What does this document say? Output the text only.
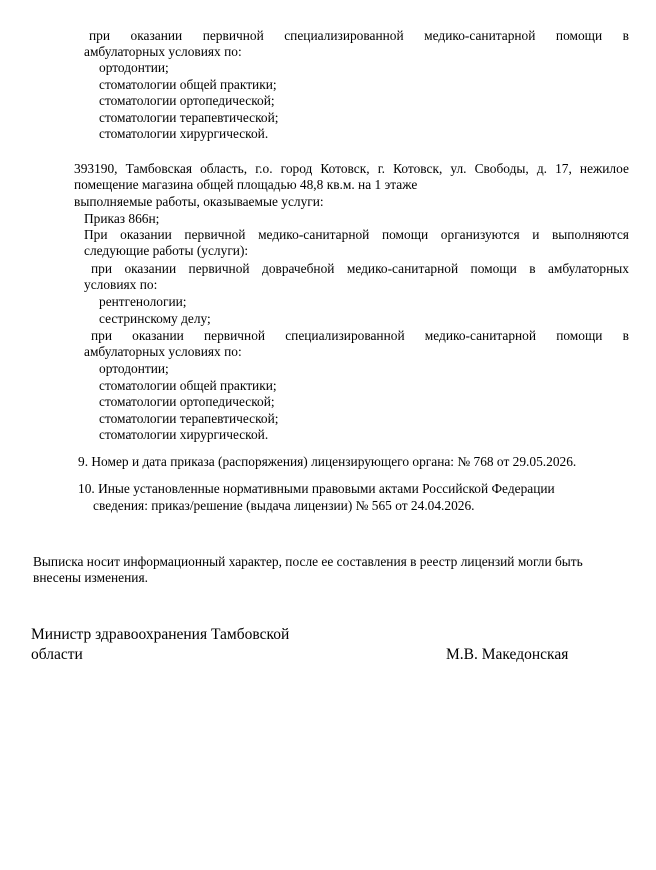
при оказании первичной специализированной медико-санитарной помощи в
амбулаторных условиях по:
393190, Тамбовская область, г.о. город Котовск, г. Котовск, ул. Свободы, д. 17, нежилое
помещение магазина общей площадью 48,8 кв.м. на 1 этаже
выполняемые работы, оказываемые услуги:
Приказ 866н;
При оказании первичной медико-санитарной помощи организуются и выполняются
следующие работы (услуги):
при оказании первичной доврачебной медико-санитарной помощи в амбулаторных
условиях по:
при оказании первичной специализированной медико-санитарной помощи в
амбулаторных условиях по:
9. Номер и дата приказа (распоряжения) лицензирующего органа: № 768 от 29.05.2026.
10. Иные установленные нормативными правовыми актами Российской Федерации
сведения: приказ/решение (выдача лицензии) № 565 от 24.04.2026.
Выписка носит информационный характер, после ее составления в реестр лицензий могли быть
внесены изменения.
Министр здравоохранения Тамбовской
области	М.В. Македонская
ортодонтии;
стоматологии общей практики;
стоматологии ортопедической;
стоматологии терапевтической;
стоматологии хирургической.
рентгенологии;
сестринскому делу;
ортодонтии;
стоматологии общей практики;
стоматологии ортопедической;
стоматологии терапевтической;
стоматологии хирургической.
